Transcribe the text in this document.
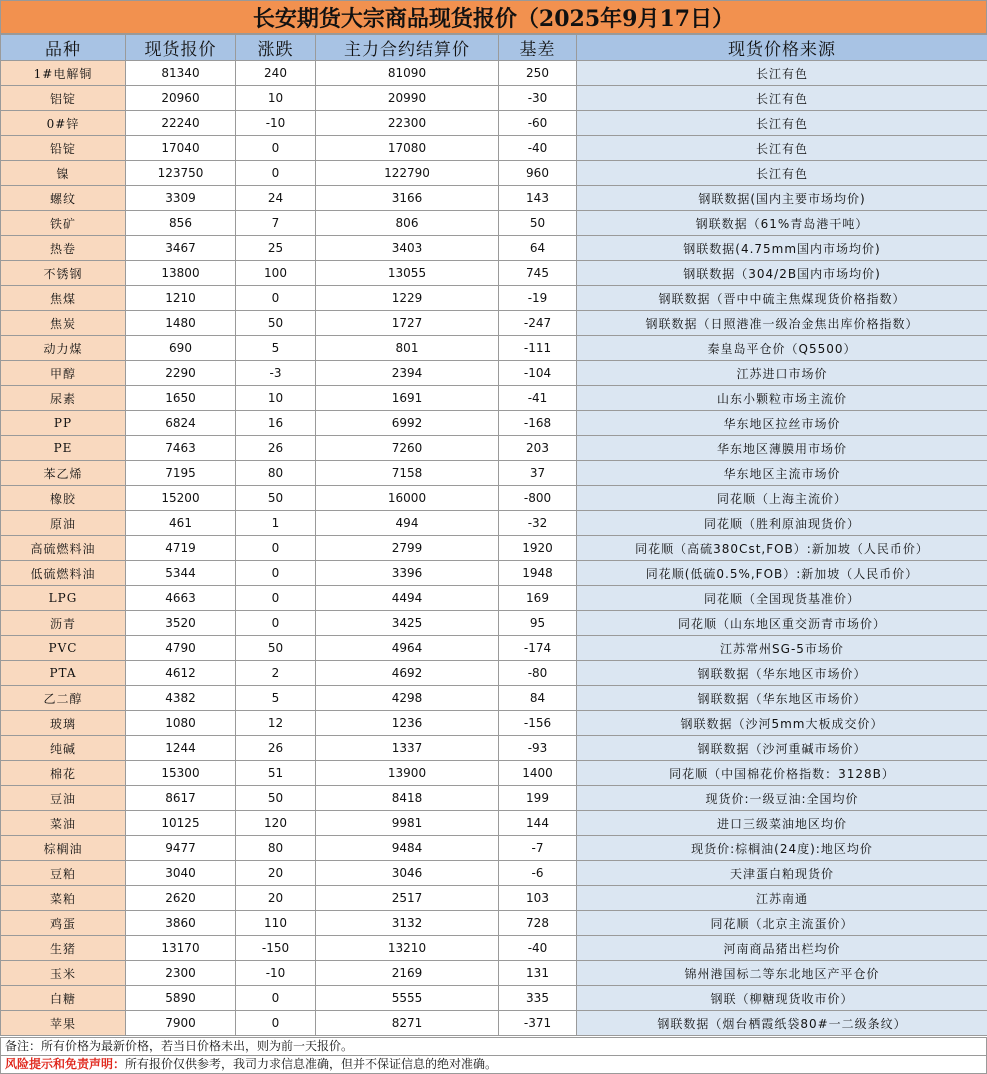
长安期货大宗商品现货报价（2025年9月17日）
品种	现货报价	涨跌	主力合约结算价	基差	现货价格来源
1#电解铜	81340	240	81090	250	长江有色
铝锭	20960	10	20990	-30	长江有色
0#锌	22240	-10	22300	-60	长江有色
铅锭	17040	0	17080	-40	长江有色
镍	123750	0	122790	960	长江有色
螺纹	3309	24	3166	143	钢联数据(国内主要市场均价)
铁矿	856	7	806	50	钢联数据（61%青岛港干吨）
热卷	3467	25	3403	64	钢联数据(4.75mm国内市场均价)
不锈钢	13800	100	13055	745	钢联数据（304/2B国内市场均价)
焦煤	1210	0	1229	-19	钢联数据（晋中中硫主焦煤现货价格指数）
焦炭	1480	50	1727	-247	钢联数据（日照港准一级冶金焦出库价格指数）
动力煤	690	5	801	-111	秦皇岛平仓价（Q5500）
甲醇	2290	-3	2394	-104	江苏进口市场价
尿素	1650	10	1691	-41	山东小颗粒市场主流价
PP	6824	16	6992	-168	华东地区拉丝市场价
PE	7463	26	7260	203	华东地区薄膜用市场价
苯乙烯	7195	80	7158	37	华东地区主流市场价
橡胶	15200	50	16000	-800	同花顺（上海主流价）
原油	461	1	494	-32	同花顺（胜利原油现货价）
高硫燃料油	4719	0	2799	1920	同花顺（高硫380Cst,FOB）:新加坡（人民币价）
低硫燃料油	5344	0	3396	1948	同花顺(低硫0.5%,FOB）:新加坡（人民币价）
LPG	4663	0	4494	169	同花顺（全国现货基准价）
沥青	3520	0	3425	95	同花顺（山东地区重交沥青市场价）
PVC	4790	50	4964	-174	江苏常州SG-5市场价
PTA	4612	2	4692	-80	钢联数据（华东地区市场价）
乙二醇	4382	5	4298	84	钢联数据（华东地区市场价）
玻璃	1080	12	1236	-156	钢联数据（沙河5mm大板成交价）
纯碱	1244	26	1337	-93	钢联数据（沙河重碱市场价）
棉花	15300	51	13900	1400	同花顺（中国棉花价格指数：3128B）
豆油	8617	50	8418	199	现货价:一级豆油:全国均价
菜油	10125	120	9981	144	进口三级菜油地区均价
棕榈油	9477	80	9484	-7	现货价:棕榈油(24度):地区均价
豆粕	3040	20	3046	-6	天津蛋白粕现货价
菜粕	2620	20	2517	103	江苏南通
鸡蛋	3860	110	3132	728	同花顺（北京主流蛋价）
生猪	13170	-150	13210	-40	河南商品猪出栏均价
玉米	2300	-10	2169	131	锦州港国标二等东北地区产平仓价
白糖	5890	0	5555	335	钢联（柳糖现货收市价）
苹果	7900	0	8271	-371	钢联数据（烟台栖霞纸袋80#一二级条纹）
备注：所有价格为最新价格，若当日价格未出，则为前一天报价。
风险提示和免责声明：所有报价仅供参考，我司力求信息准确，但并不保证信息的绝对准确。
